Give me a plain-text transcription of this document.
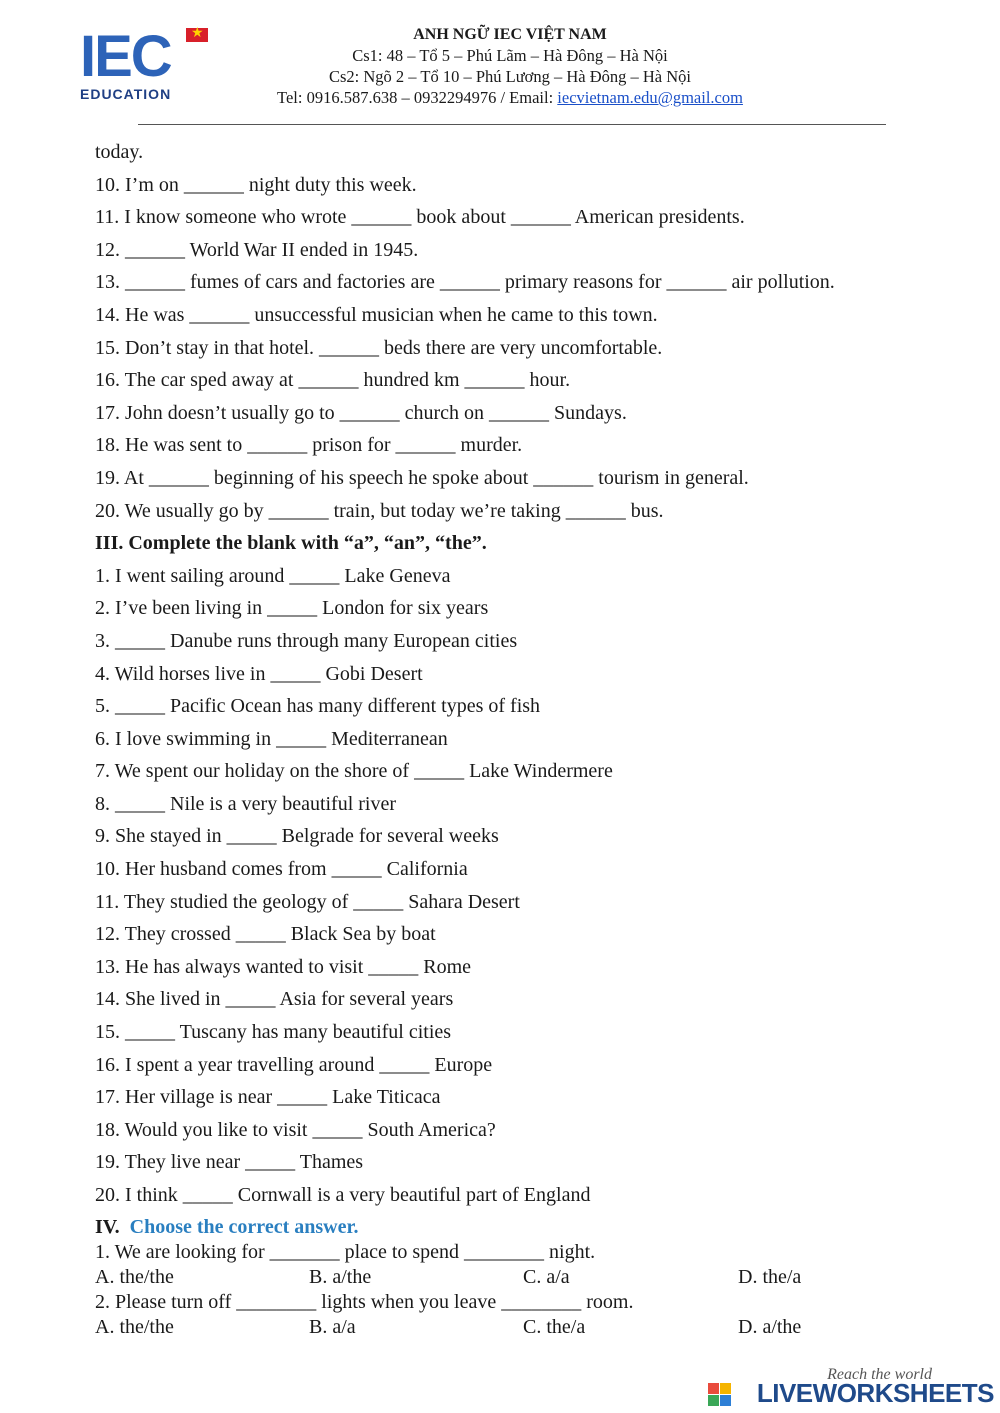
IEC ★
EDUCATION
ANH NGỮ IEC VIỆT NAM
Cs1: 48 – Tổ 5 – Phú Lãm – Hà Đông – Hà Nội
Cs2: Ngõ 2 – Tổ 10 – Phú Lương – Hà Đông – Hà Nội
Tel: 0916.587.638 – 0932294976 / Email: iecvietnam.edu@gmail.com
today.
10. I’m on ______ night duty this week.
11. I know someone who wrote ______ book about ______ American presidents.
12. ______ World War II ended in 1945.
13. ______ fumes of cars and factories are ______ primary reasons for ______ air pollution.
14. He was ______ unsuccessful musician when he came to this town.
15. Don’t stay in that hotel. ______ beds there are very uncomfortable.
16. The car sped away at ______ hundred km ______ hour.
17. John doesn’t usually go to ______ church on ______ Sundays.
18. He was sent to ______ prison for ______ murder.
19. At ______ beginning of his speech he spoke about ______ tourism in general.
20. We usually go by ______ train, but today we’re taking ______ bus.
III. Complete the blank with “a”, “an”, “the”.
1. I went sailing around _____ Lake Geneva
2. I’ve been living in _____ London for six years
3. _____ Danube runs through many European cities
4. Wild horses live in _____ Gobi Desert
5. _____ Pacific Ocean has many different types of fish
6. I love swimming in _____ Mediterranean
7. We spent our holiday on the shore of _____ Lake Windermere
8. _____ Nile is a very beautiful river
9. She stayed in _____ Belgrade for several weeks
10. Her husband comes from _____ California
11. They studied the geology of _____ Sahara Desert
12. They crossed _____ Black Sea by boat
13. He has always wanted to visit _____ Rome
14. She lived in _____ Asia for several years
15. _____ Tuscany has many beautiful cities
16. I spent a year travelling around _____ Europe
17. Her village is near _____ Lake Titicaca
18. Would you like to visit _____ South America?
19. They live near _____ Thames
20. I think _____ Cornwall is a very beautiful part of England
IV. Choose the correct answer.
1. We are looking for _______ place to spend ________ night.
A. the/the	B. a/the	C. a/a	D. the/a
2. Please turn off ________ lights when you leave ________ room.
A. the/the	B. a/a	C. the/a	D. a/the
Reach the world
LIVEWORKSHEETS
